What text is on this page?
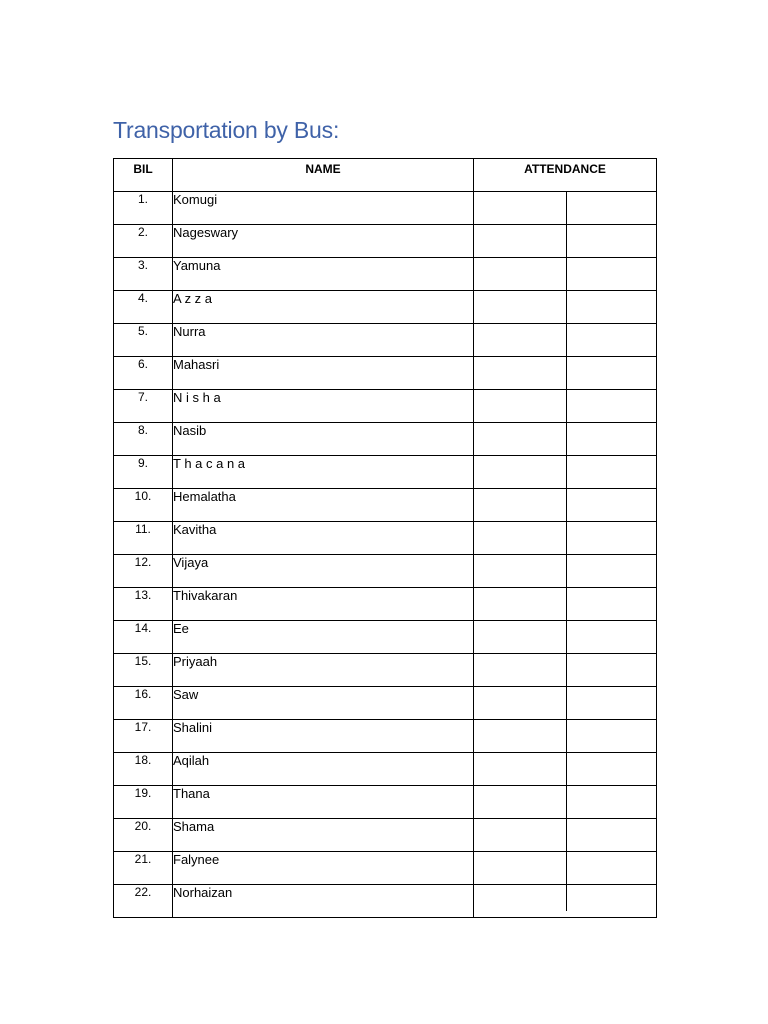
Transportation by Bus:
BIL	NAME	ATTENDANCE
1.	Komugi	

2.	Nageswary	

3.	Yamuna	

4.	A z z a	

5.	Nurra	

6.	Mahasri	

7.	N i s h a	

8.	Nasib	

9.	T h a c a n a	

10.	Hemalatha	

11.	Kavitha	

12.	Vijaya	

13.	Thivakaran	

14.	Ee	

15.	Priyaah	

16.	Saw	

17.	Shalini	

18.	Aqilah	

19.	Thana	

20.	Shama	

21.	Falynee	

22.	Norhaizan	
